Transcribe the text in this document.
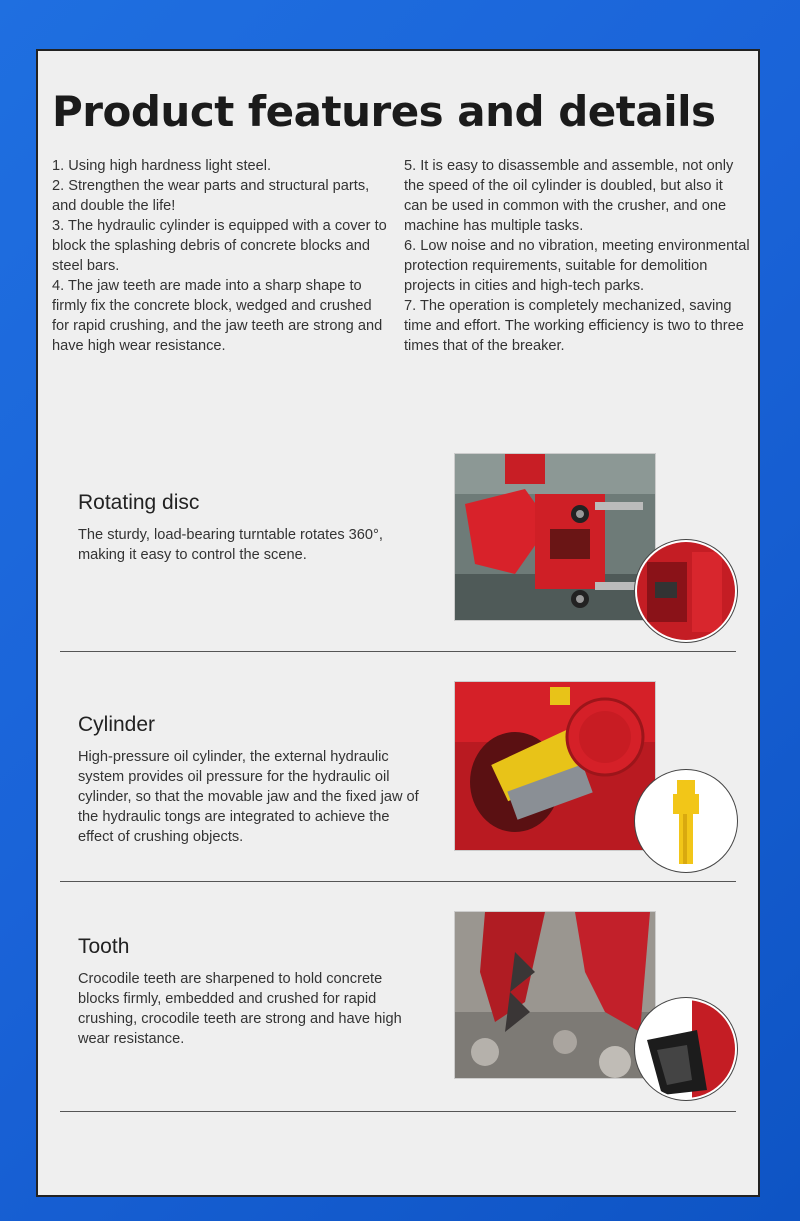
Product features and details

1. Using high hardness light steel.

2. Strengthen the wear parts and structural parts, and double the life!

3. The hydraulic cylinder is equipped with a cover to block the splashing debris of concrete blocks and steel bars.

4. The jaw teeth are made into a sharp shape to firmly fix the concrete block, wedged and crushed for rapid crushing, and the jaw teeth are strong and have high wear resistance.

5. It is easy to disassemble and assemble, not only the speed of the oil cylinder is doubled, but also it can be used in common with the crusher, and one machine has multiple tasks.

6. Low noise and no vibration, meeting environmental protection requirements, suitable for demolition projects in cities and high-tech parks.

7. The operation is completely mechanized, saving time and effort. The working efficiency is two to three times that of the breaker.

Rotating disc

The sturdy, load-bearing turntable rotates 360°, making it easy to control the scene.

Cylinder

High-pressure oil cylinder, the external hydraulic system provides oil pressure for the hydraulic oil cylinder, so that the movable jaw and the fixed jaw of the hydraulic tongs are integrated to achieve the effect of crushing objects.

Tooth

Crocodile teeth are sharpened to hold concrete blocks firmly, embedded and crushed for rapid crushing, crocodile teeth are strong and have high wear resistance.
